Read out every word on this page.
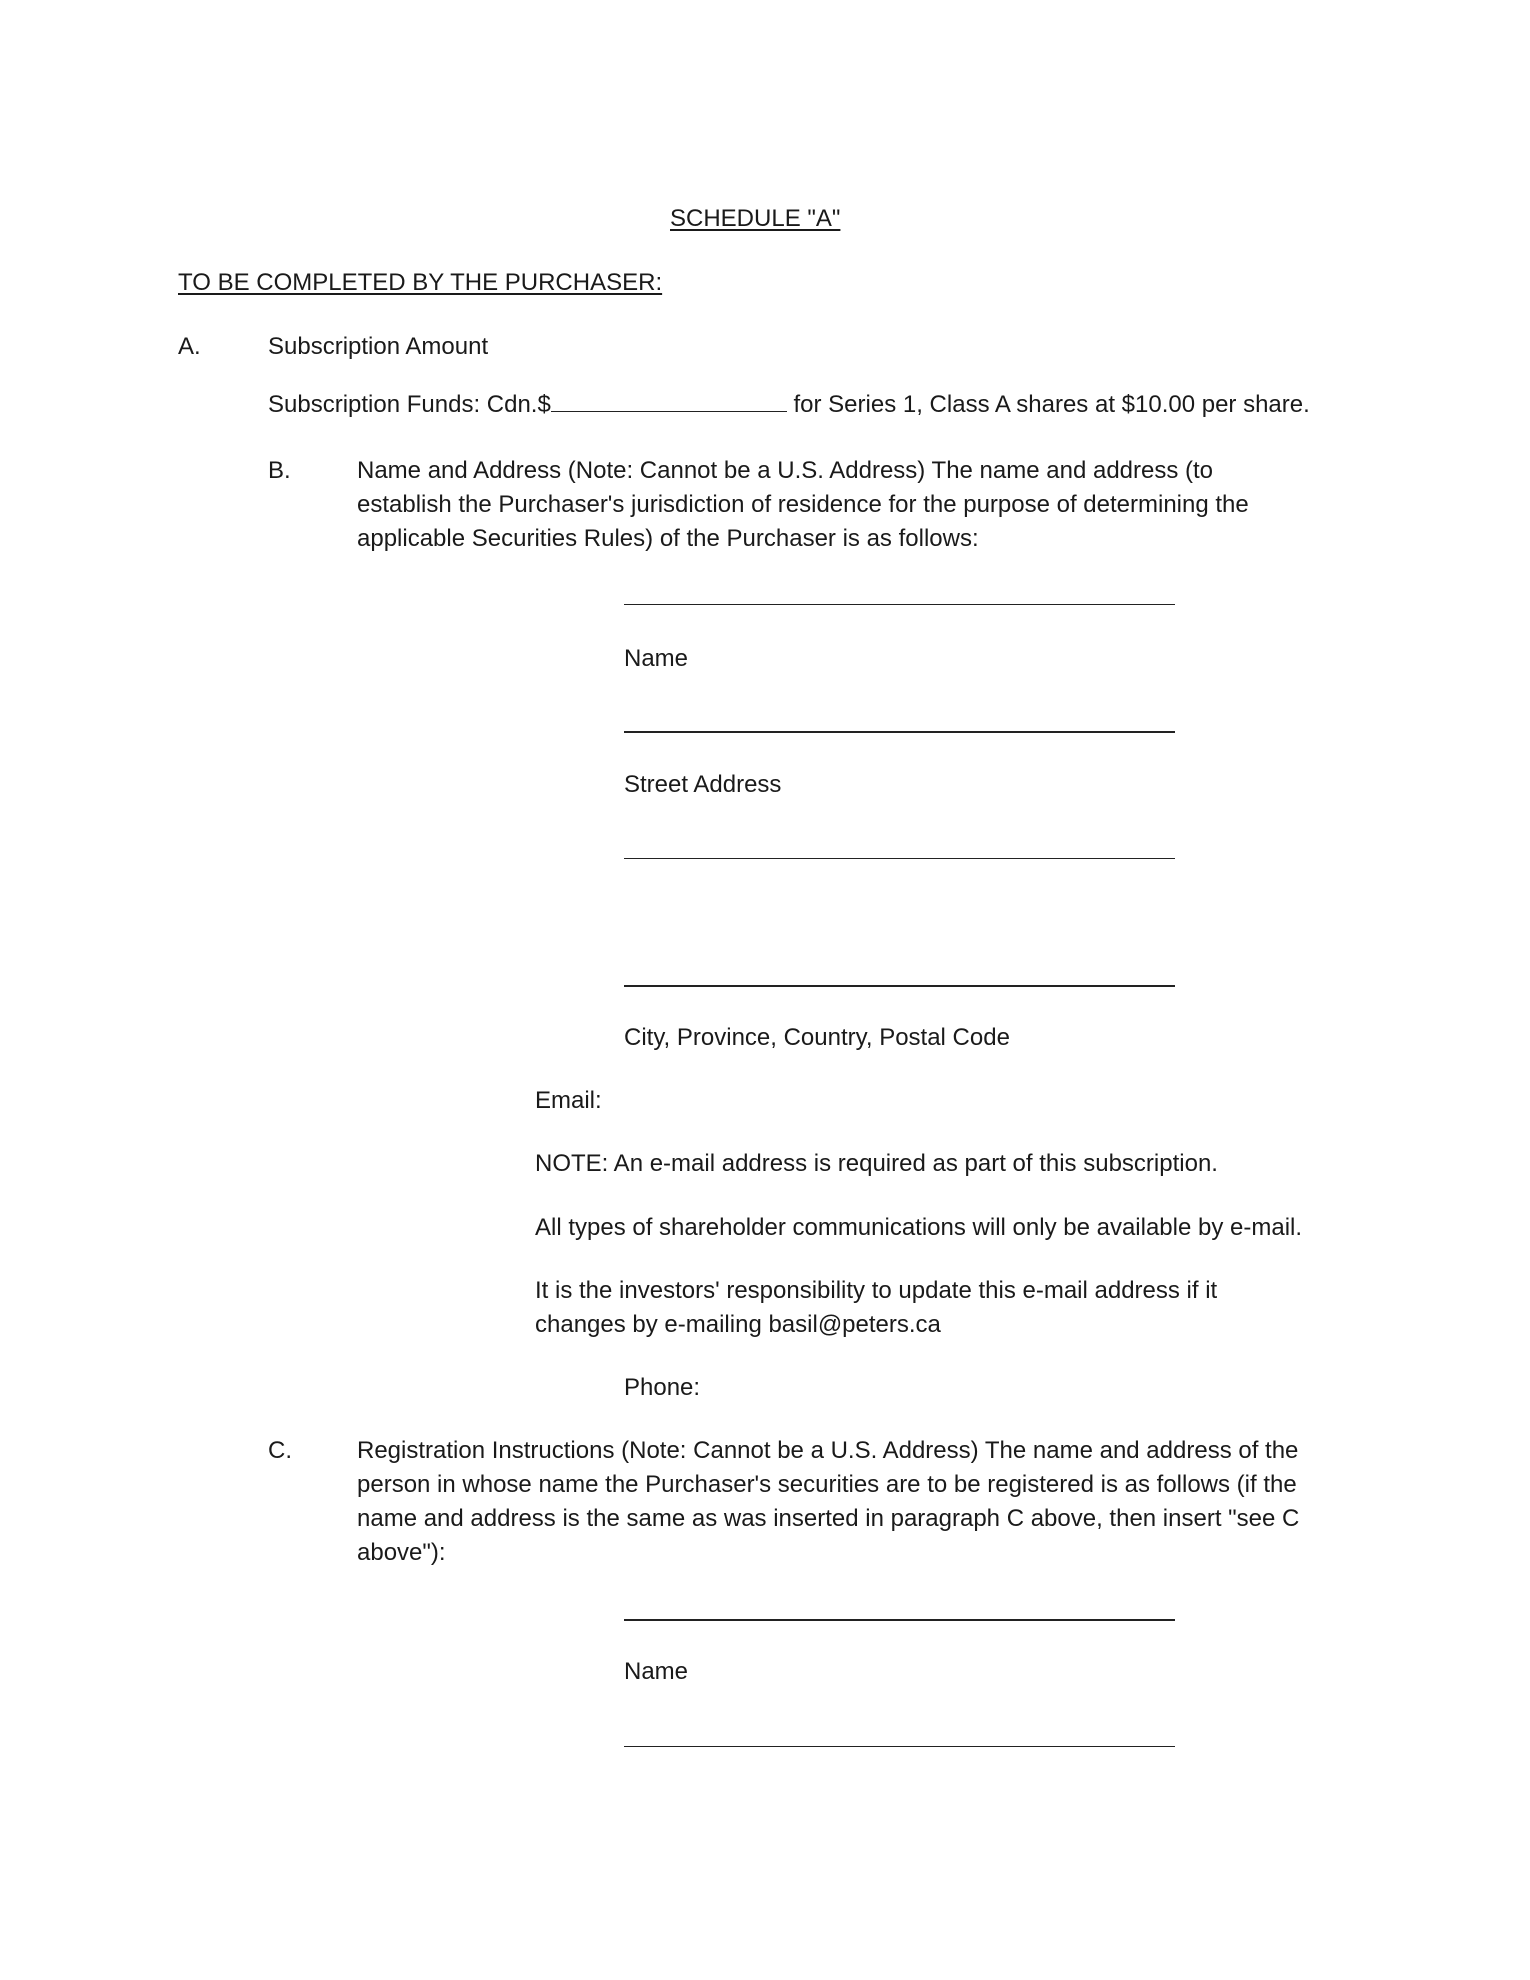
SCHEDULE "A"
TO BE COMPLETED BY THE PURCHASER:
A.	Subscription Amount
Subscription Funds: Cdn.$	for Series 1, Class A shares at $10.00 per share.
B.	Name and Address (Note: Cannot be a U.S. Address) The name and address (to establish the Purchaser's jurisdiction of residence for the purpose of determining the applicable Securities Rules) of the Purchaser is as follows:
Name
Street Address
City, Province, Country, Postal Code
Email:
NOTE: An e-mail address is required as part of this subscription.
All types of shareholder communications will only be available by e-mail.
It is the investors' responsibility to update this e-mail address if it changes by e-mailing basil@peters.ca
Phone:
C.	Registration Instructions (Note: Cannot be a U.S. Address) The name and address of the person in whose name the Purchaser's securities are to be registered is as follows (if the name and address is the same as was inserted in paragraph C above, then insert "see C above"):
Name
